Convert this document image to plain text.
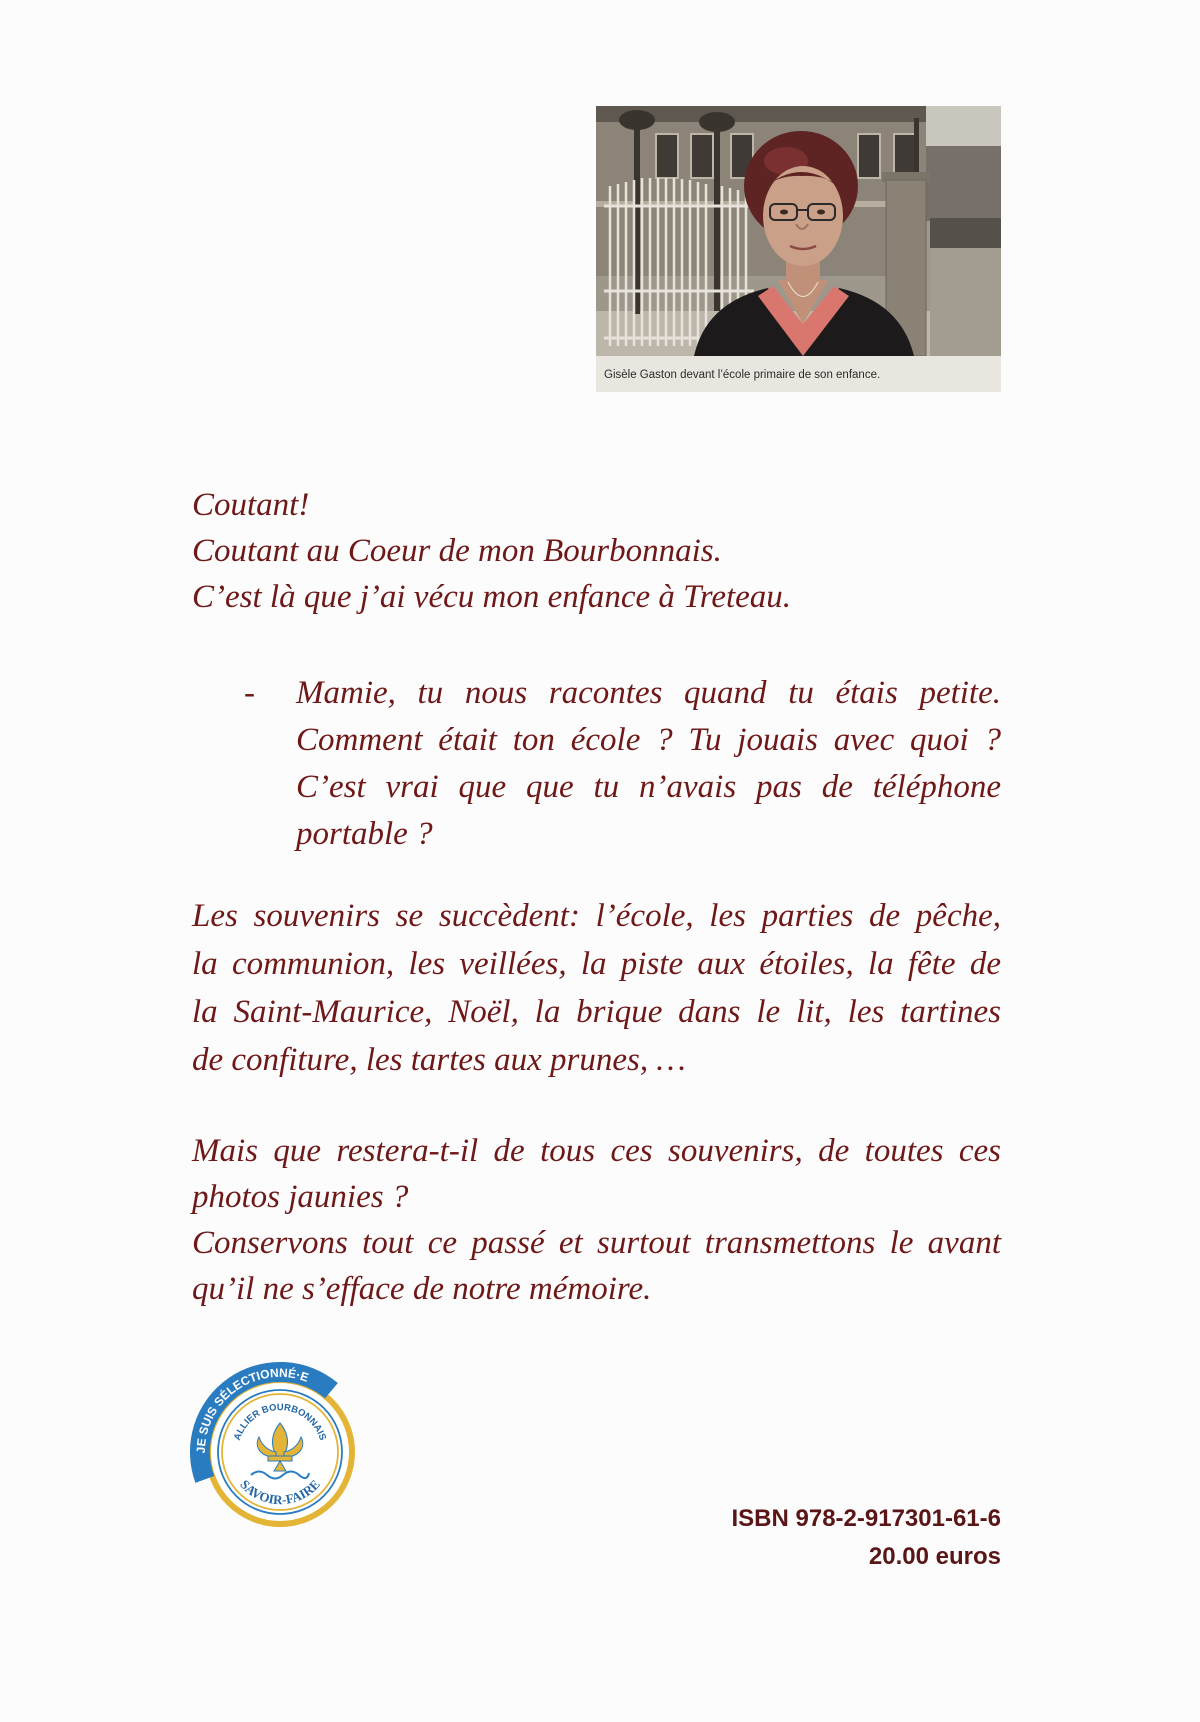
Gisèle Gaston devant l’école primaire de son enfance.
Coutant!
Coutant au Coeur de mon Bourbonnais.
C’est là que j’ai vécu mon enfance à Treteau.
- Mamie, tu nous racontes quand tu étais petite.
Comment était ton école ? Tu jouais avec quoi ?
C’est vrai que que tu n’avais pas de téléphone
portable ?
Les souvenirs se succèdent: l’école, les parties de pêche,
la communion, les veillées, la piste aux étoiles, la fête de
la Saint-Maurice, Noël, la brique dans le lit, les tartines
de confiture, les tartes aux prunes, …
Mais que restera-t-il de tous ces souvenirs, de toutes ces
photos jaunies ?
Conservons tout ce passé et surtout transmettons le avant
qu’il ne s’efface de notre mémoire.
JE SUIS SÉLECTIONNÉ·E
ALLIER BOURBONNAIS
SAVOIR-FAIRE
ISBN 978-2-917301-61-6
20.00 euros
